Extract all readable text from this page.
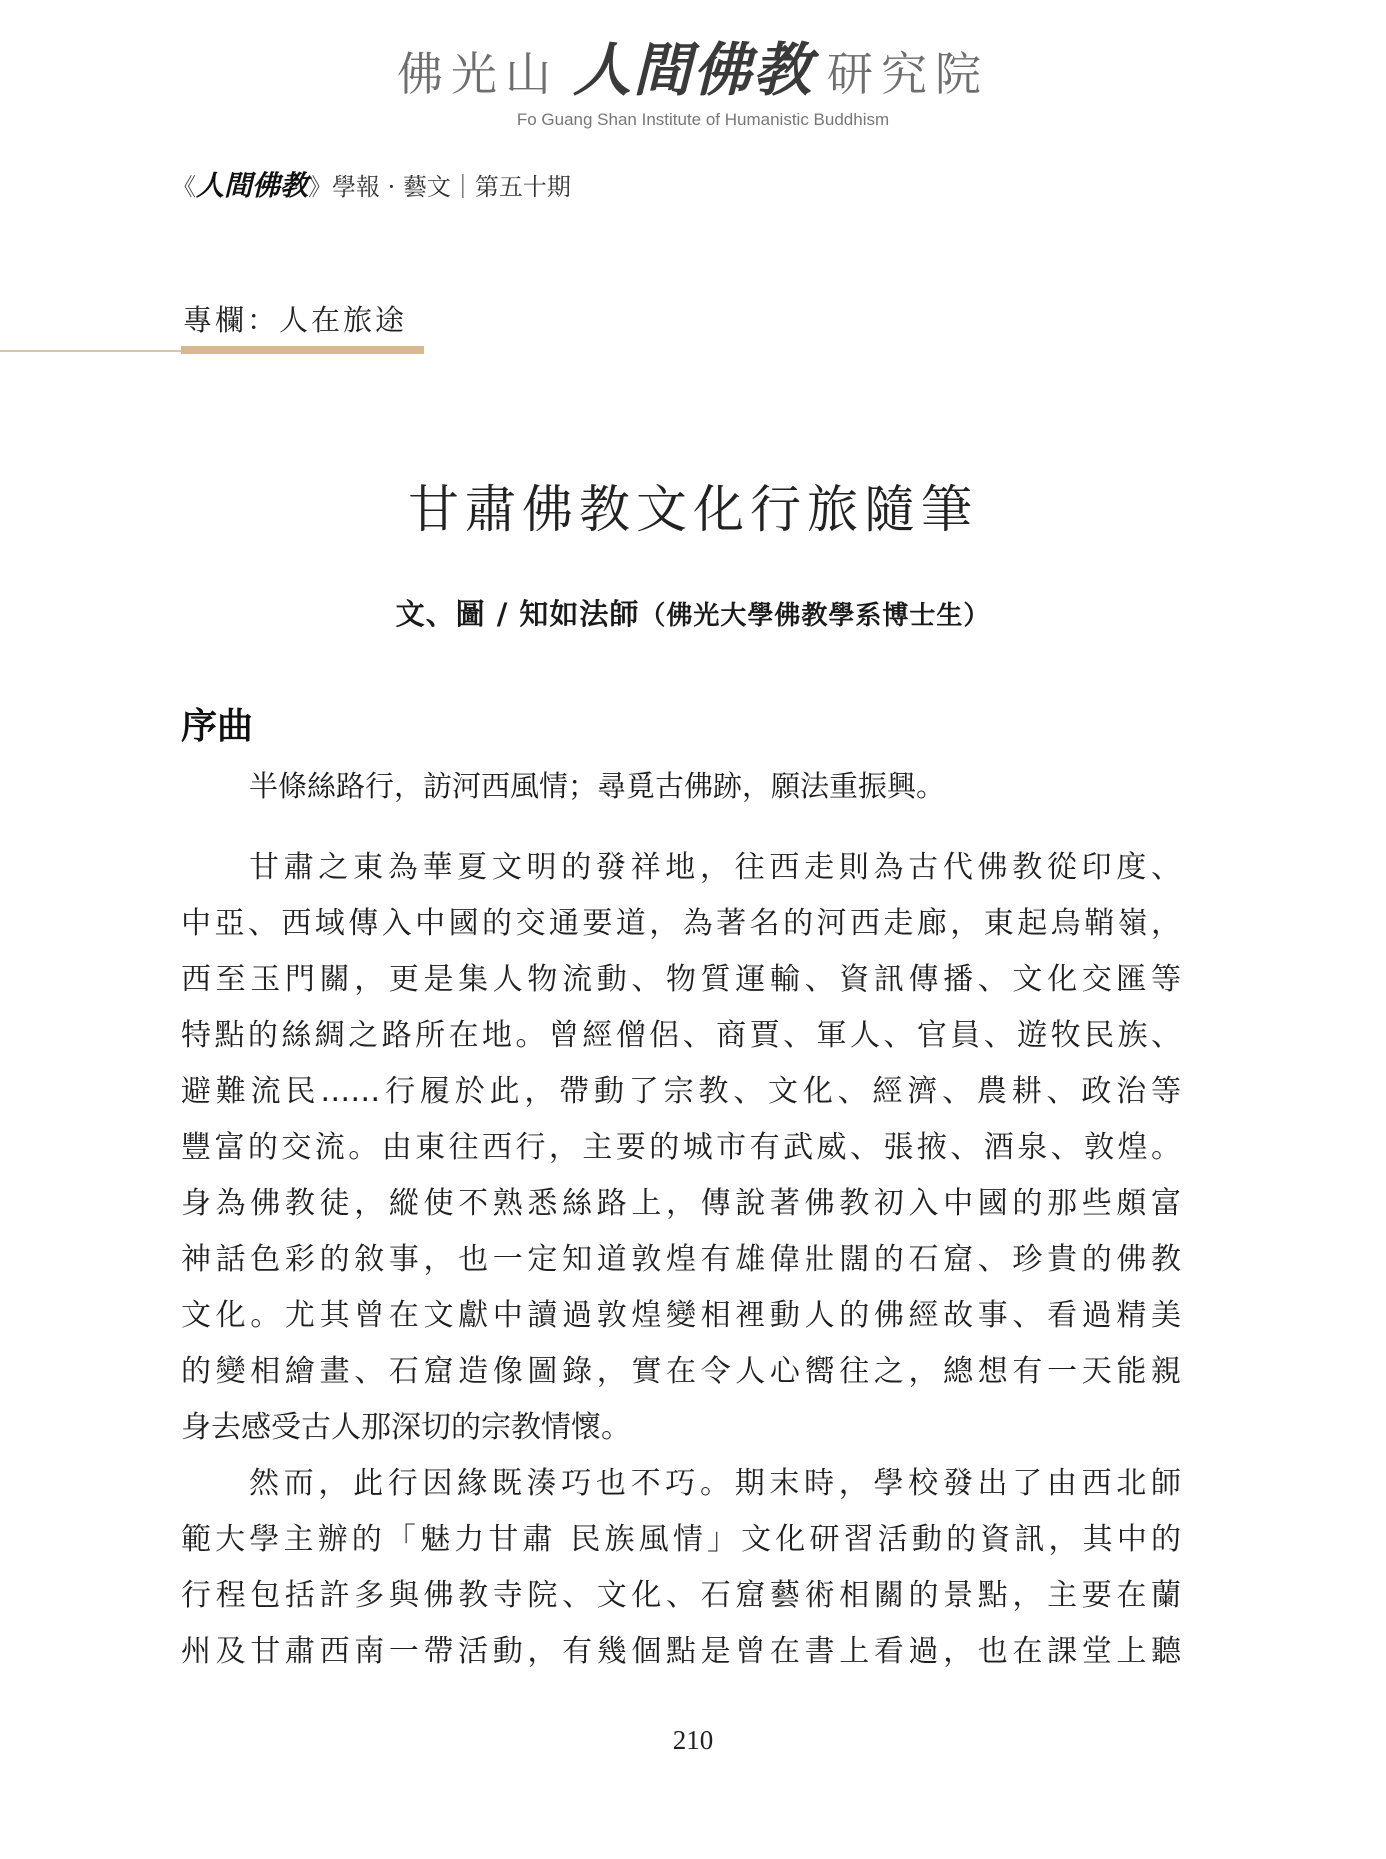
佛光山 人間佛教 研究院
Fo Guang Shan Institute of Humanistic Buddhism
《人間佛教》學報 · 藝文｜第五十期
專欄：人在旅途
甘肅佛教文化行旅隨筆
文、圖 / 知如法師（佛光大學佛教學系博士生）
序曲

半條絲路行，訪河西風情；尋覓古佛跡，願法重振興。

甘肅之東為華夏文明的發祥地，往西走則為古代佛教從印度、

中亞、西域傳入中國的交通要道，為著名的河西走廊，東起烏鞘嶺，

西至玉門關，更是集人物流動、物質運輸、資訊傳播、文化交匯等

特點的絲綢之路所在地。曾經僧侶、商賈、軍人、官員、遊牧民族、

避難流民……行履於此，帶動了宗教、文化、經濟、農耕、政治等

豐富的交流。由東往西行，主要的城市有武威、張掖、酒泉、敦煌。

身為佛教徒，縱使不熟悉絲路上，傳說著佛教初入中國的那些頗富

神話色彩的敘事，也一定知道敦煌有雄偉壯闊的石窟、珍貴的佛教

文化。尤其曾在文獻中讀過敦煌變相裡動人的佛經故事、看過精美

的變相繪畫、石窟造像圖錄，實在令人心嚮往之，總想有一天能親

身去感受古人那深切的宗教情懷。

然而，此行因緣既湊巧也不巧。期末時，學校發出了由西北師

範大學主辦的「魅力甘肅 民族風情」文化研習活動的資訊，其中的

行程包括許多與佛教寺院、文化、石窟藝術相關的景點，主要在蘭

州及甘肅西南一帶活動，有幾個點是曾在書上看過，也在課堂上聽

210
